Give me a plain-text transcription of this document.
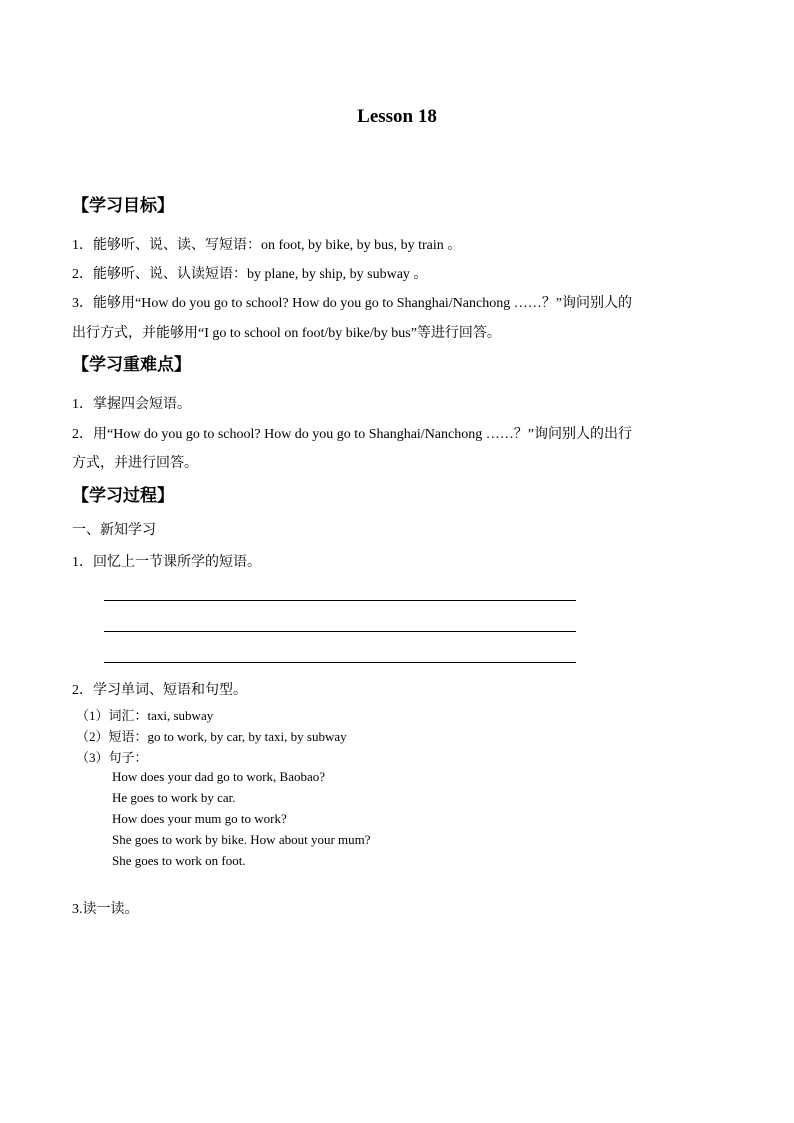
Lesson 18
【学习目标】
1．能够听、说、读、写短语：on foot, by bike, by bus, by train 。
2．能够听、说、认读短语：by plane, by ship, by subway 。
3．能够用“How do you go to school? How do you go to Shanghai/Nanchong ……？”询问别人的
出行方式，并能够用“I go to school on foot/by bike/by bus”等进行回答。
【学习重难点】
1．掌握四会短语。
2．用“How do you go to school? How do you go to Shanghai/Nanchong ……？”询问别人的出行
方式，并进行回答。
【学习过程】
一、新知学习
1．回忆上一节课所学的短语。
2．学习单词、短语和句型。
（1）词汇：taxi, subway
（2）短语：go to work, by car, by taxi, by subway
（3）句子：
How does your dad go to work, Baobao?
He goes to work by car.
How does your mum go to work?
She goes to work by bike. How about your mum?
She goes to work on foot.
3.读一读。
